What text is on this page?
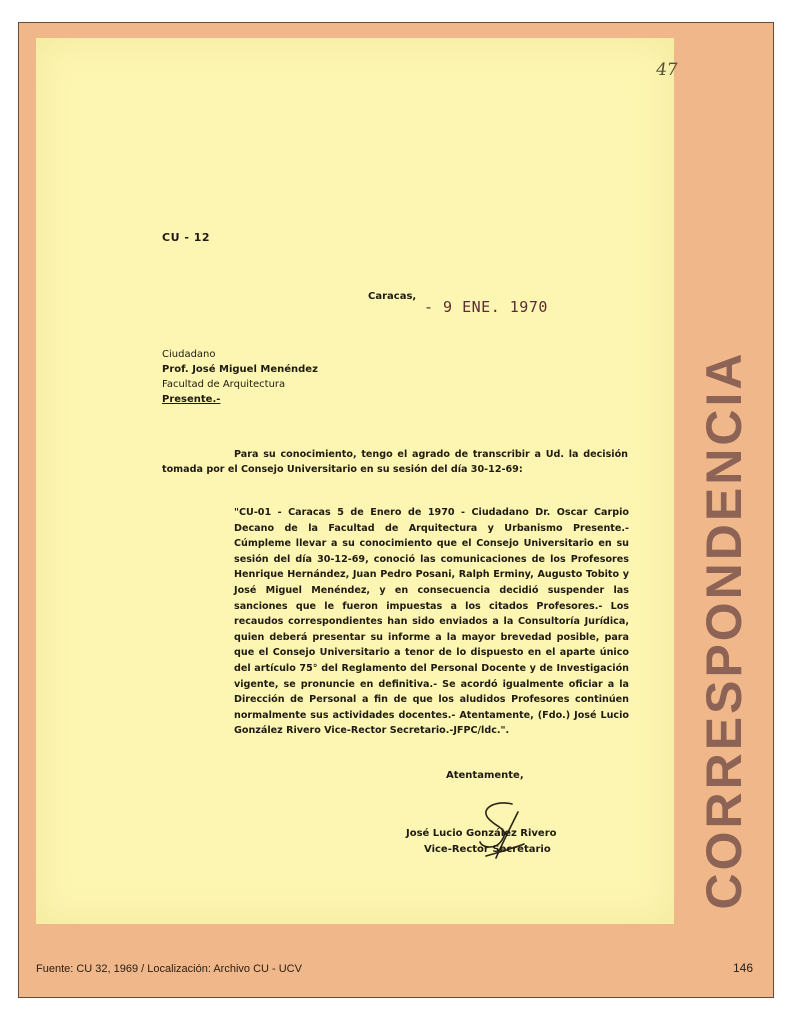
47
CU - 12
Caracas,
- 9 ENE. 1970
Ciudadano
Prof. José Miguel Menéndez
Facultad de Arquitectura
Presente.-
Para su conocimiento, tengo el agrado de transcribir a Ud. la decisión tomada por el Consejo Universitario en su sesión del día 30-12-69:
"CU-01 - Caracas 5 de Enero de 1970 - Ciudadano Dr. Oscar Carpio Decano de la Facultad de Arquitectura y Urbanismo Presente.- Cúmpleme llevar a su conocimiento que el Consejo Universitario en su sesión del día 30-12-69, conoció las comunicaciones de los Profesores Henrique Hernández, Juan Pedro Posani, Ralph Erminy, Augusto Tobito y José Miguel Menéndez, y en consecuencia decidió suspender las sanciones que le fueron impuestas a los citados Profesores.- Los recaudos correspondientes han sido enviados a la Consultoría Jurídica, quien deberá presentar su informe a la mayor brevedad posible, para que el Consejo Universitario a tenor de lo dispuesto en el aparte único del artículo 75° del Reglamento del Personal Docente y de Investigación vigente, se pronuncie en definitiva.- Se acordó igualmente oficiar a la Dirección de Personal a fin de que los aludidos Profesores continúen normalmente sus actividades docentes.- Atentamente, (Fdo.) José Lucio González Rivero Vice-Rector Secretario.-JFPC/ldc.".
Atentamente,
José Lucio González Rivero
Vice-Rector Secretario	CORRESPONDENCIA
Fuente: CU 32, 1969 / Localización: Archivo CU - UCV	146
